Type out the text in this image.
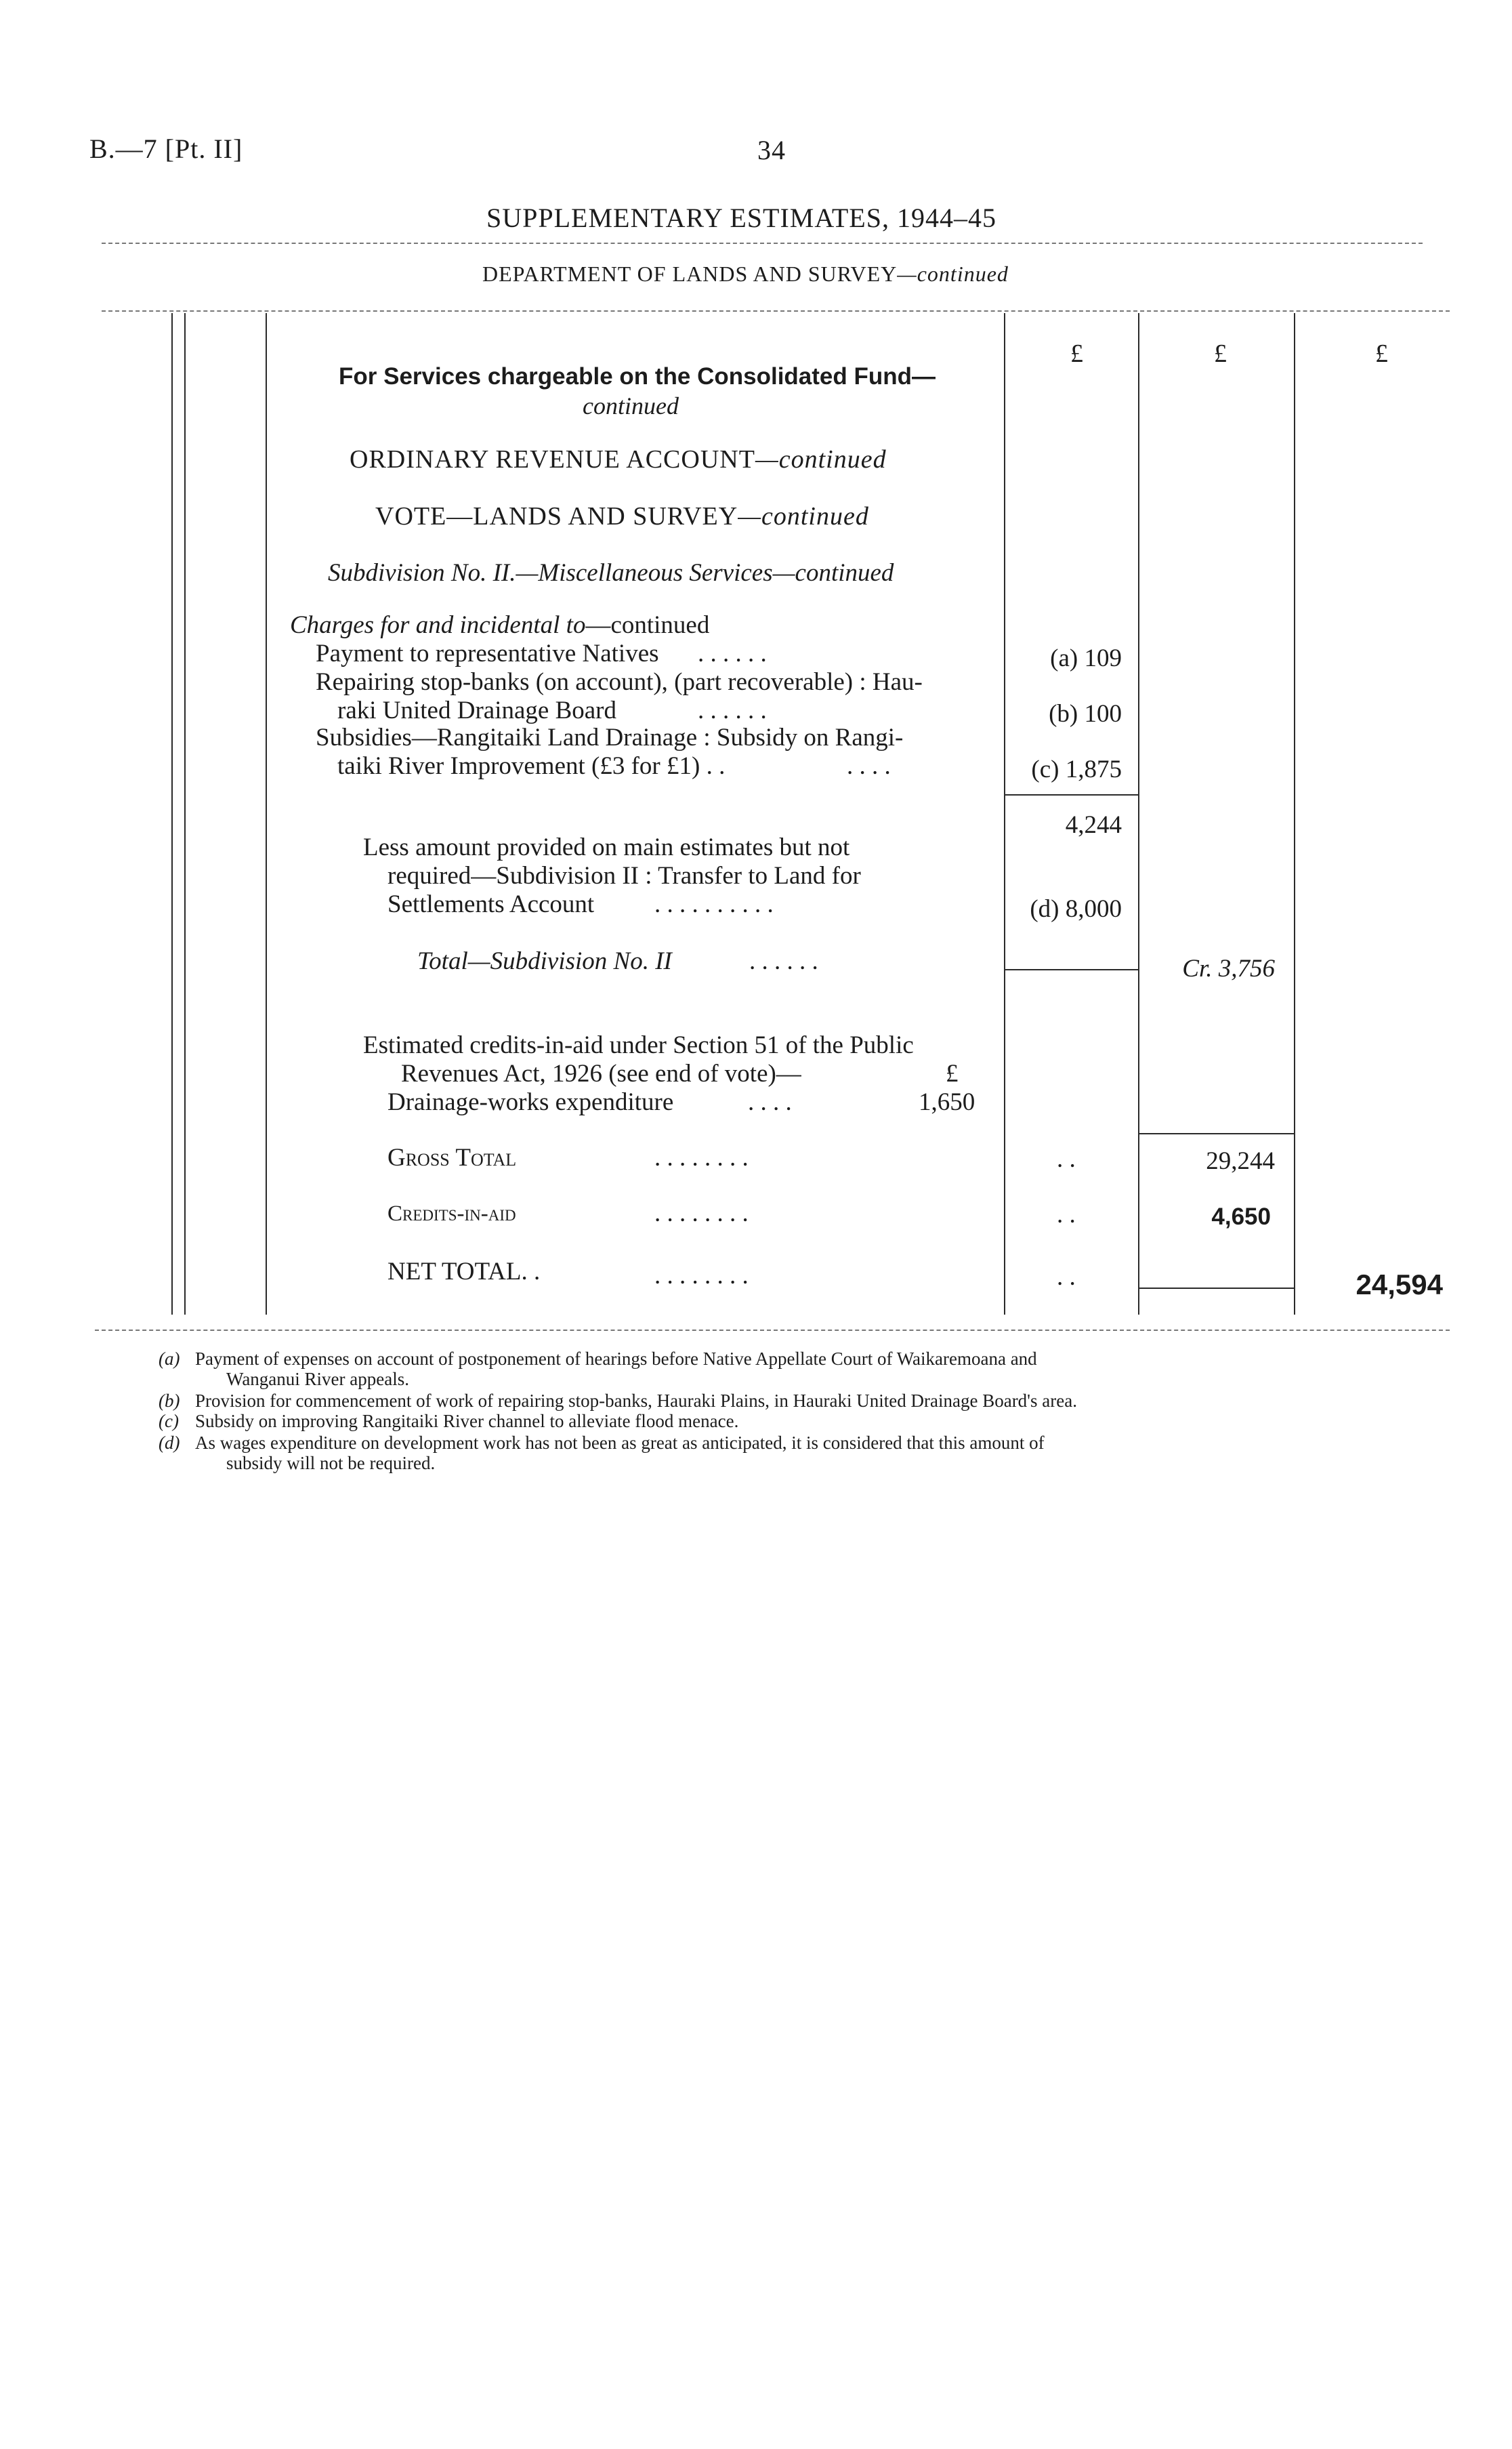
B.—7 [Pt. II]	34
SUPPLEMENTARY ESTIMATES, 1944–45
DEPARTMENT OF LANDS AND SURVEY—continued
£	£	£
For Services chargeable on the Consolidated Fund—
continued
ORDINARY REVENUE ACCOUNT—continued
VOTE—LANDS AND SURVEY—continued
Subdivision No. II.—Miscellaneous Services—continued
Charges for and incidental to—continued
Payment to representative Natives . . . . . .	(a) 109
Repairing stop-banks (on account), (part recoverable) : Hau-
raki United Drainage Board	. . . . . .	(b) 100
Subsidies—Rangitaiki Land Drainage : Subsidy on Rangi-
taiki River Improvement (£3 for £1) . .	. . . .	(c) 1,875
4,244
Less amount provided on main estimates but not
required—Subdivision II : Transfer to Land for
Settlements Account . . . . . . . . . .	(d) 8,000
Total—Subdivision No. II	. . . . . .	Cr. 3,756
Estimated credits-in-aid under Section 51 of the Public
Revenues Act, 1926 (see end of vote)—	£
Drainage-works expenditure	. . . .	1,650
Gross Total	. . . . . . . .	. .	29,244
Credits-in-aid	. . . . . . . .	. .	4,650
NET TOTAL. .	. . . . . . . .	. .	24,594
(a) Payment of expenses on account of postponement of hearings before Native Appellate Court of Waikaremoana and
Wanganui River appeals.
(b) Provision for commencement of work of repairing stop-banks, Hauraki Plains, in Hauraki United Drainage Board's area.
(c) Subsidy on improving Rangitaiki River channel to alleviate flood menace.
(d) As wages expenditure on development work has not been as great as anticipated, it is considered that this amount of
subsidy will not be required.
